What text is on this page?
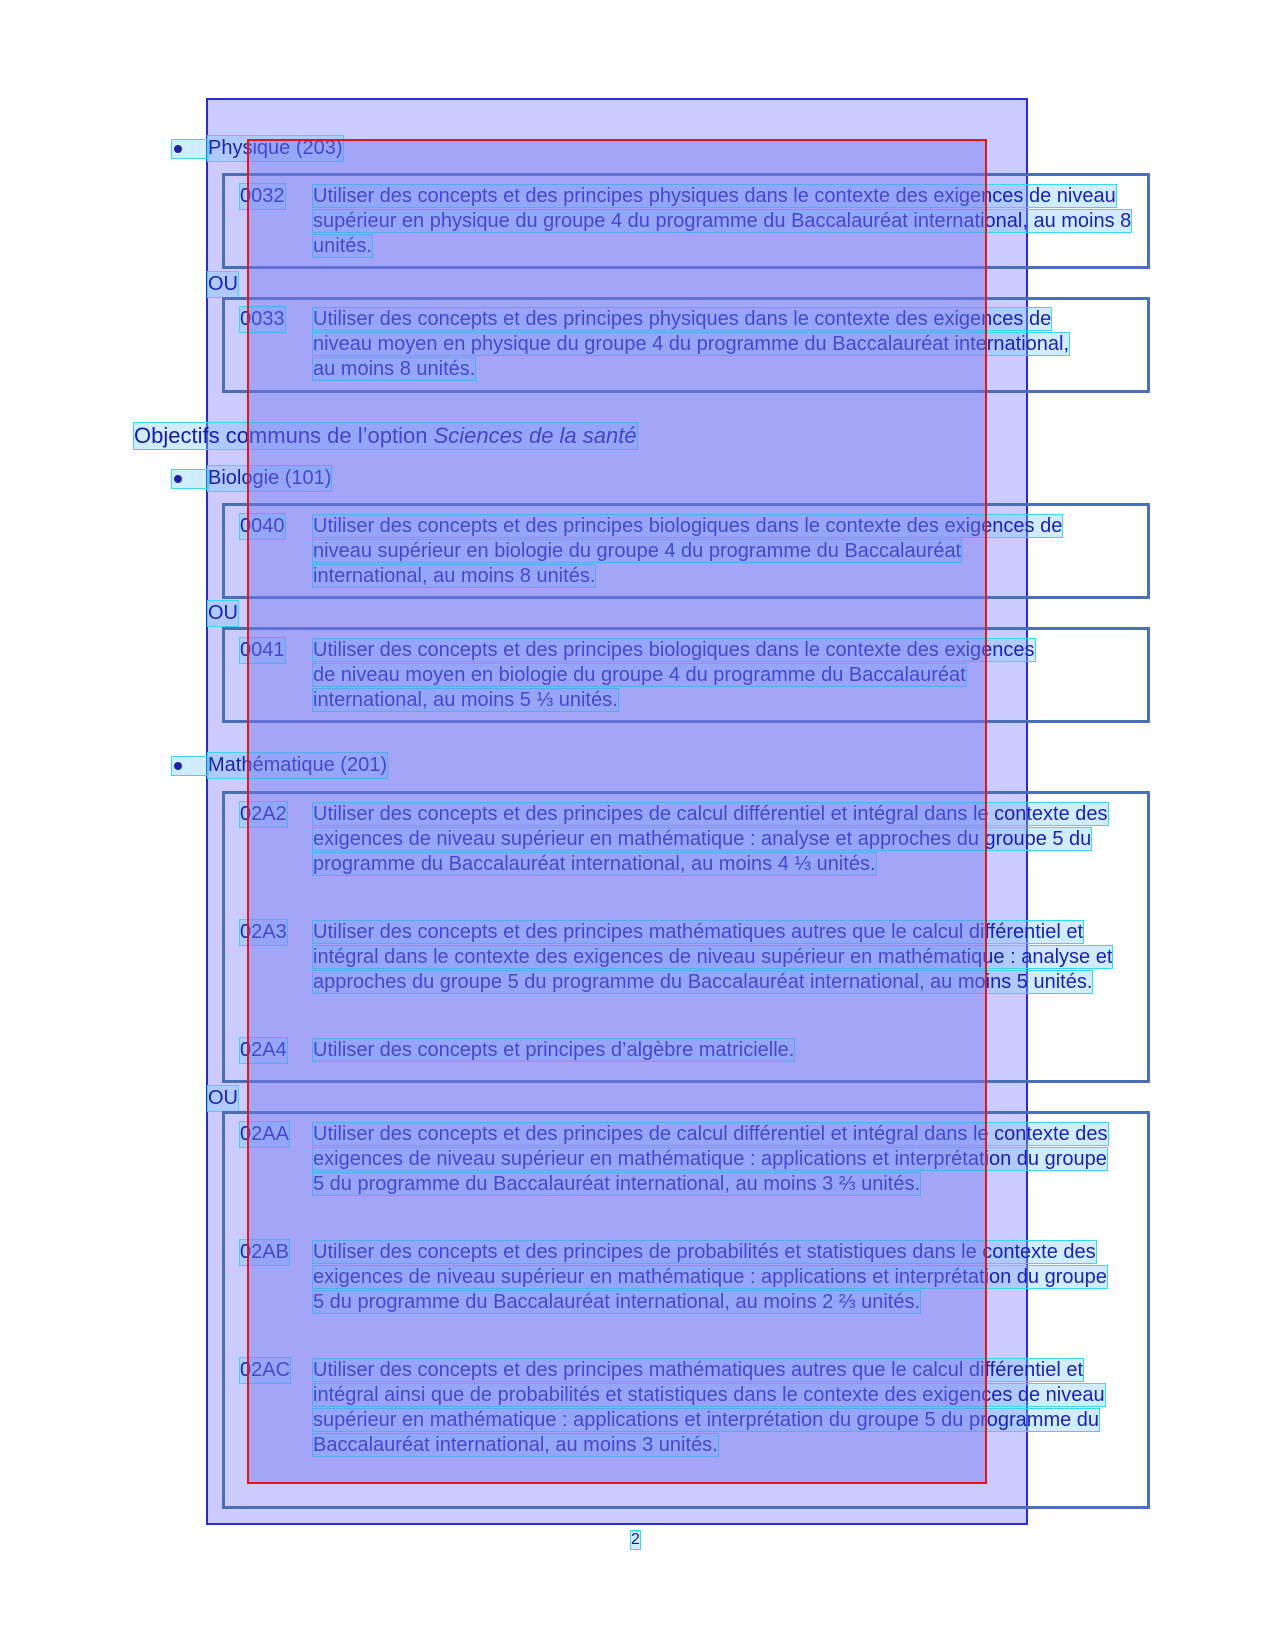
Physique (203)
0032 Utiliser des concepts et des principes physiques dans le contexte des exigences de niveau supérieur en physique du groupe 4 du programme du Baccalauréat international, au moins 8 unités.
OU
0033 Utiliser des concepts et des principes physiques dans le contexte des exigences de niveau moyen en physique du groupe 4 du programme du Baccalauréat international, au moins 8 unités.
Objectifs communs de l’option Sciences de la santé
Biologie (101)
0040 Utiliser des concepts et des principes biologiques dans le contexte des exigences de niveau supérieur en biologie du groupe 4 du programme du Baccalauréat international, au moins 8 unités.
OU
0041 Utiliser des concepts et des principes biologiques dans le contexte des exigences de niveau moyen en biologie du groupe 4 du programme du Baccalauréat international, au moins 5 ⅓ unités.
Mathématique (201)
02A2 Utiliser des concepts et des principes de calcul différentiel et intégral dans le contexte des exigences de niveau supérieur en mathématique : analyse et approches du groupe 5 du programme du Baccalauréat international, au moins 4 ⅓ unités.
02A3 Utiliser des concepts et des principes mathématiques autres que le calcul différentiel et intégral dans le contexte des exigences de niveau supérieur en mathématique : analyse et approches du groupe 5 du programme du Baccalauréat international, au moins 5 unités.
02A4 Utiliser des concepts et principes d’algèbre matricielle.
OU
02AA Utiliser des concepts et des principes de calcul différentiel et intégral dans le contexte des exigences de niveau supérieur en mathématique : applications et interprétation du groupe 5 du programme du Baccalauréat international, au moins 3 ⅔ unités.
02AB Utiliser des concepts et des principes de probabilités et statistiques dans le contexte des exigences de niveau supérieur en mathématique : applications et interprétation du groupe 5 du programme du Baccalauréat international, au moins 2 ⅔ unités.
02AC Utiliser des concepts et des principes mathématiques autres que le calcul différentiel et intégral ainsi que de probabilités et statistiques dans le contexte des exigences de niveau supérieur en mathématique : applications et interprétation du groupe 5 du programme du Baccalauréat international, au moins 3 unités.
2
